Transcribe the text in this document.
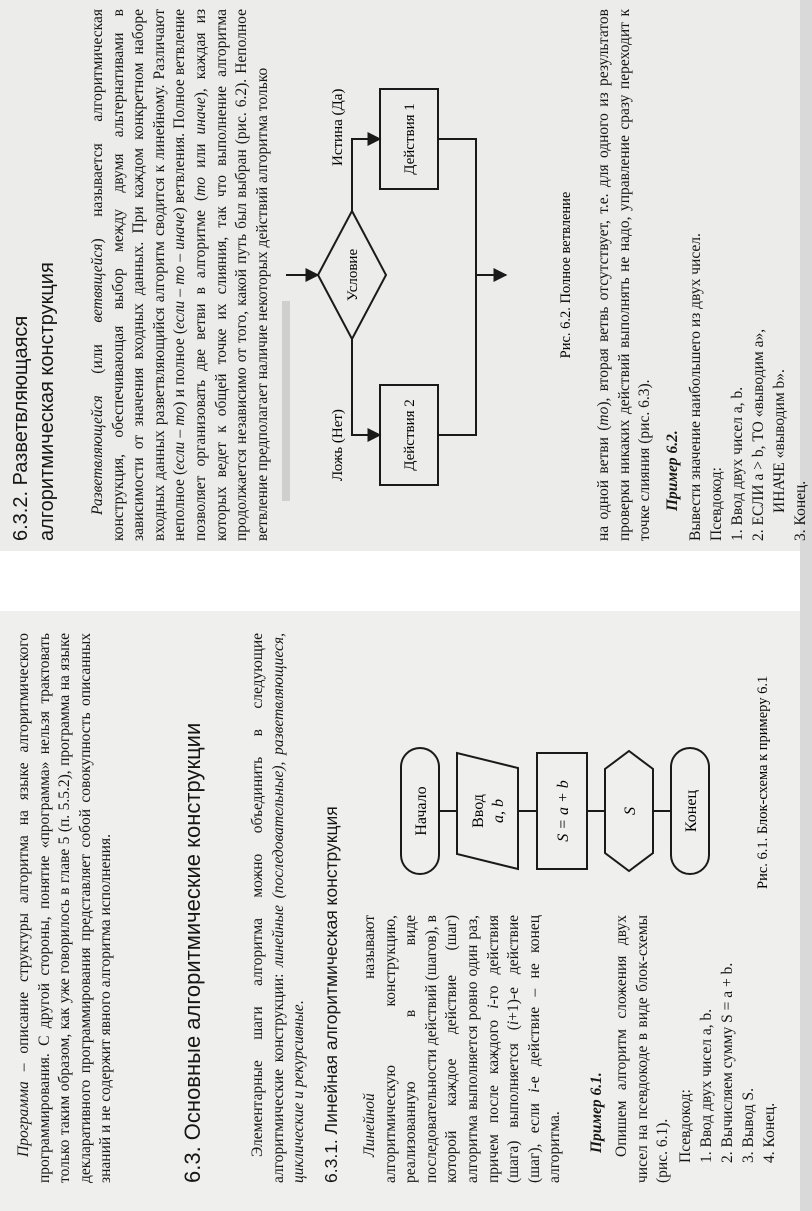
Программа – описание структуры алгоритма на языке алгоритмического программирования. С другой стороны, понятие «программа» нельзя трактовать только таким образом, как уже говорилось в главе 5 (п. 5.5.2), программа на языке декларативного программирования представляет собой совокупность описанных знаний и не содержит явного алгоритма исполнения.	6.3. Основные алгоритмические конструкции	Элементарные шаги алгоритма можно объединить в следующие алгоритмические конструкции: линейные (последовательные), разветвляющиеся, циклические и рекурсивные. 6.3.1. Линейная алгоритмическая конструкция Линейной называют алгоритмическую конструкцию, реализованную в виде последовательности действий (шагов), в которой каждое действие (шаг) алгоритма выполняется ровно один раз, причем после каждого i-го действия (шага) выполняется (i+1)-е действие (шаг), если i-е действие – не конец алгоритма. Пример 6.1. Опишем алгоритм сложения двух чисел на псевдокоде в виде блок-схемы (рис. 6.1). Псевдокод: 1. Ввод двух чисел a, b. 2. Вычисляем сумму S = a + b. 3. Вывод S. 4. Конец.
Начало	Ввод a, b	S = a + b	S	Конец	Рис. 6.1. Блок-схема к примеру 6.1
6.3.2. Разветвляющаяся алгоритмическая конструкция Разветвляющейся (или ветвящейся) называется алгоритмическая конструкция, обеспечивающая выбор между двумя альтернативами в зависимости от значения входных данных. При каждом конкретном наборе входных данных разветвляющийся алгоритм сводится к линейному. Различают неполное (если – то) и полное (если – то – иначе) ветвления. Полное ветвление позволяет организовать две ветви в алгоритме (то или иначе), каждая из которых ведет к общей точке их слияния, так что выполнение алгоритма продолжается независимо от того, какой путь был выбран (рис. 6.2). Неполное ветвление предполагает наличие некоторых действий алгоритма только	Ложь (Нет)
Истина (Да)
Условие
Действия 2
Действия 1
Рис. 6.2. Полное ветвление

на одной ветви (то), вторая ветвь отсутствует, т.е. для одного из результатов проверки никаких действий выполнять не надо, управление сразу переходит к точке слияния (рис. 6.3). Пример 6.2. Вывести значение наибольшего из двух чисел. Псевдокод: 1. Ввод двух чисел a, b. 2. ЕСЛИ a > b, ТО «выводим a», ИНАЧЕ «выводим b». 3. Конец.
